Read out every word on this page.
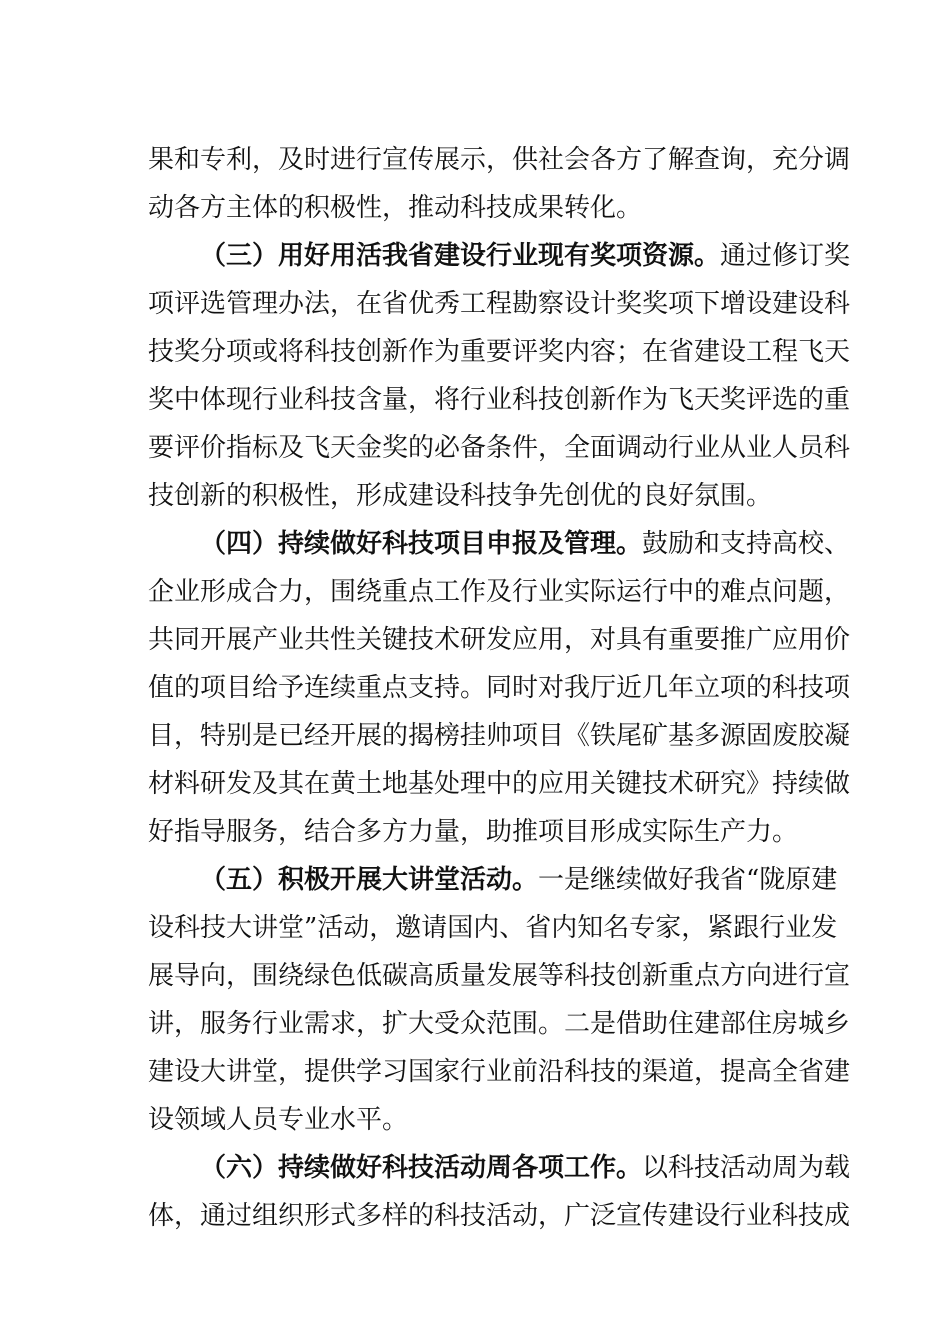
果和专利，及时进行宣传展示，供社会各方了解查询，充分调
动各方主体的积极性，推动科技成果转化。
（三）用好用活我省建设行业现有奖项资源。通过修订奖
项评选管理办法，在省优秀工程勘察设计奖奖项下增设建设科
技奖分项或将科技创新作为重要评奖内容；在省建设工程飞天
奖中体现行业科技含量，将行业科技创新作为飞天奖评选的重
要评价指标及飞天金奖的必备条件，全面调动行业从业人员科
技创新的积极性，形成建设科技争先创优的良好氛围。
（四）持续做好科技项目申报及管理。鼓励和支持高校、
企业形成合力，围绕重点工作及行业实际运行中的难点问题，
共同开展产业共性关键技术研发应用，对具有重要推广应用价
值的项目给予连续重点支持。同时对我厅近几年立项的科技项
目，特别是已经开展的揭榜挂帅项目《铁尾矿基多源固废胶凝
材料研发及其在黄土地基处理中的应用关键技术研究》持续做
好指导服务，结合多方力量，助推项目形成实际生产力。
（五）积极开展大讲堂活动。一是继续做好我省“陇原建
设科技大讲堂”活动，邀请国内、省内知名专家，紧跟行业发
展导向，围绕绿色低碳高质量发展等科技创新重点方向进行宣
讲，服务行业需求，扩大受众范围。二是借助住建部住房城乡
建设大讲堂，提供学习国家行业前沿科技的渠道，提高全省建
设领域人员专业水平。
（六）持续做好科技活动周各项工作。以科技活动周为载
体，通过组织形式多样的科技活动，广泛宣传建设行业科技成
